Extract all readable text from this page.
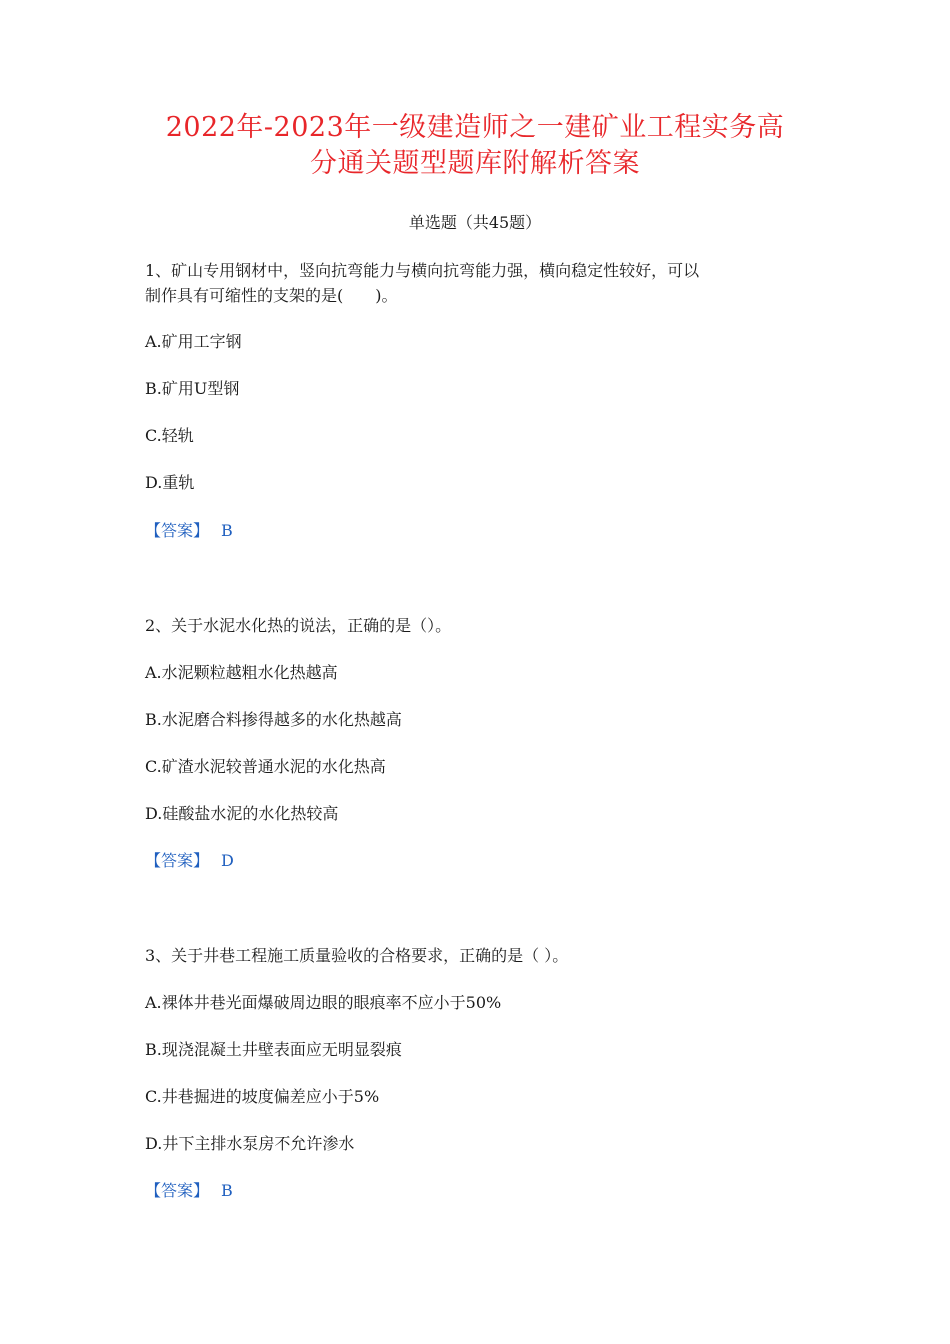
2022年-2023年一级建造师之一建矿业工程实务高
分通关题型题库附解析答案
单选题（共45题）
1、矿山专用钢材中，竖向抗弯能力与横向抗弯能力强，横向稳定性较好，可以
制作具有可缩性的支架的是(　　)。
A.矿用工字钢
B.矿用U型钢
C.轻轨
D.重轨
【答案】 B
2、关于水泥水化热的说法，正确的是（）。
A.水泥颗粒越粗水化热越高
B.水泥磨合料掺得越多的水化热越高
C.矿渣水泥较普通水泥的水化热高
D.硅酸盐水泥的水化热较高
【答案】 D
3、关于井巷工程施工质量验收的合格要求，正确的是（ ）。
A.裸体井巷光面爆破周边眼的眼痕率不应小于50%
B.现浇混凝土井壁表面应无明显裂痕
C.井巷掘进的坡度偏差应小于5%
D.井下主排水泵房不允许渗水
【答案】 B
